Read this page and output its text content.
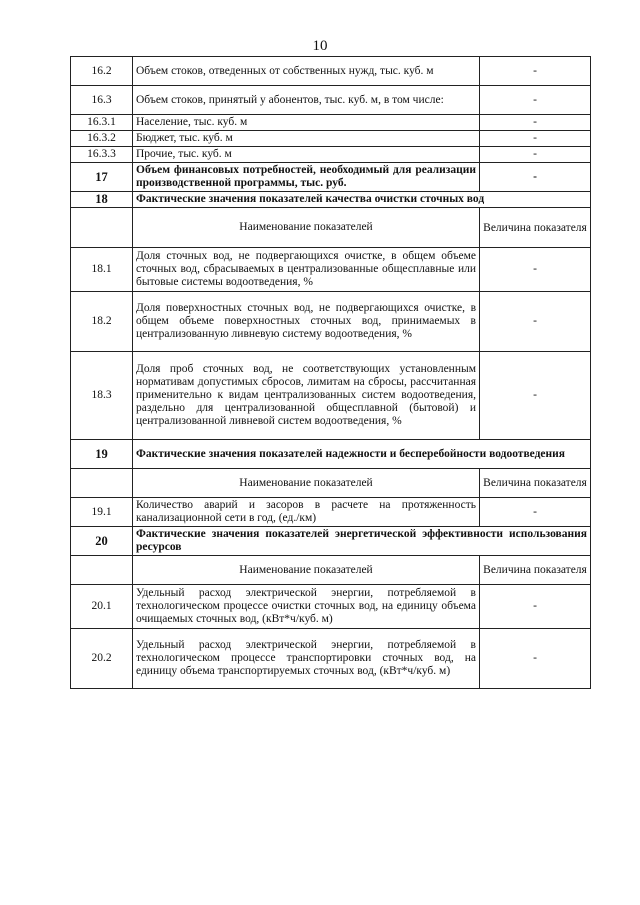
10
16.2	Объем стоков, отведенных от собственных нужд, тыс. куб. м	-
16.3	Объем стоков, принятый у абонентов, тыс. куб. м, в том числе:	-
16.3.1	Население, тыс. куб. м	-
16.3.2	Бюджет, тыс. куб. м	-
16.3.3	Прочие, тыс. куб. м	-
17	Объем финансовых потребностей, необходимый для реализации производственной программы, тыс. руб.	-
18	Фактические значения показателей качества очистки сточных вод	
	Наименование показателей	Величина показателя
18.1	Доля сточных вод, не подвергающихся очистке, в общем объеме сточных вод, сбрасываемых в централизованные общесплавные или бытовые системы водоотведения, %	-
18.2	Доля поверхностных сточных вод, не подвергающихся очистке, в общем объеме поверхностных сточных вод, принимаемых в централизованную ливневую систему водоотведения, %	-
18.3	Доля проб сточных вод, не соответствующих установленным нормативам допустимых сбросов, лимитам на сбросы, рассчитанная применительно к видам централизованных систем водоотведения, раздельно для централизованной общесплавной (бытовой) и централизованной ливневой систем водоотведения, %	-
19	Фактические значения показателей надежности и бесперебойности водоотведения	
	Наименование показателей	Величина показателя
19.1	Количество аварий и засоров в расчете на протяженность канализационной сети в год, (ед./км)	-
20	Фактические значения показателей энергетической эффективности использования ресурсов	
	Наименование показателей	Величина показателя
20.1	Удельный расход электрической энергии, потребляемой в технологическом процессе очистки сточных вод, на единицу объема очищаемых сточных вод, (кВт*ч/куб. м)	-
20.2	Удельный расход электрической энергии, потребляемой в технологическом процессе транспортировки сточных вод, на единицу объема транспортируемых сточных вод, (кВт*ч/куб. м)	-
